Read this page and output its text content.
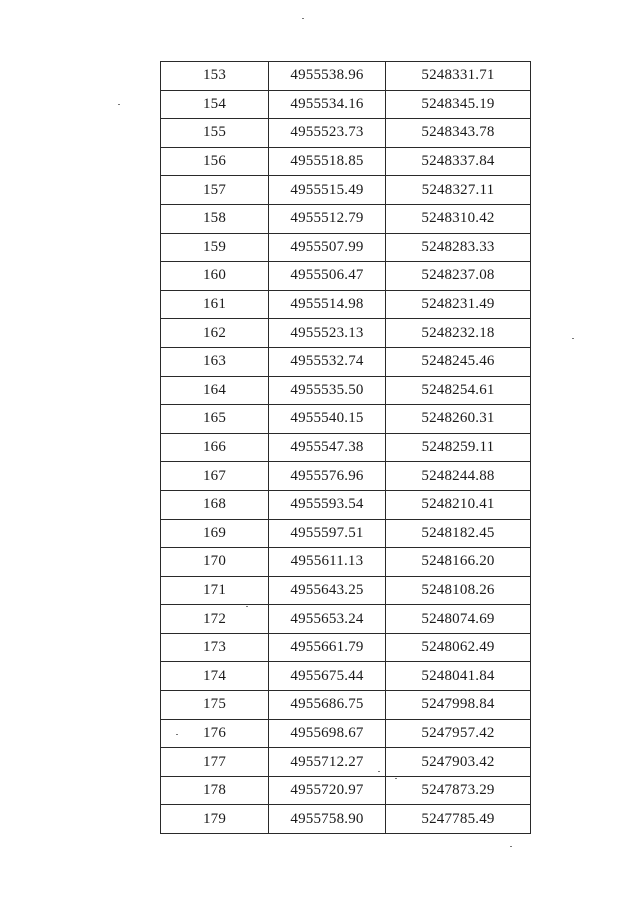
153	4955538.96	5248331.71
154	4955534.16	5248345.19
155	4955523.73	5248343.78
156	4955518.85	5248337.84
157	4955515.49	5248327.11
158	4955512.79	5248310.42
159	4955507.99	5248283.33
160	4955506.47	5248237.08
161	4955514.98	5248231.49
162	4955523.13	5248232.18
163	4955532.74	5248245.46
164	4955535.50	5248254.61
165	4955540.15	5248260.31
166	4955547.38	5248259.11
167	4955576.96	5248244.88
168	4955593.54	5248210.41
169	4955597.51	5248182.45
170	4955611.13	5248166.20
171	4955643.25	5248108.26
172	4955653.24	5248074.69
173	4955661.79	5248062.49
174	4955675.44	5248041.84
175	4955686.75	5247998.84
176	4955698.67	5247957.42
177	4955712.27	5247903.42
178	4955720.97	5247873.29
179	4955758.90	5247785.49
